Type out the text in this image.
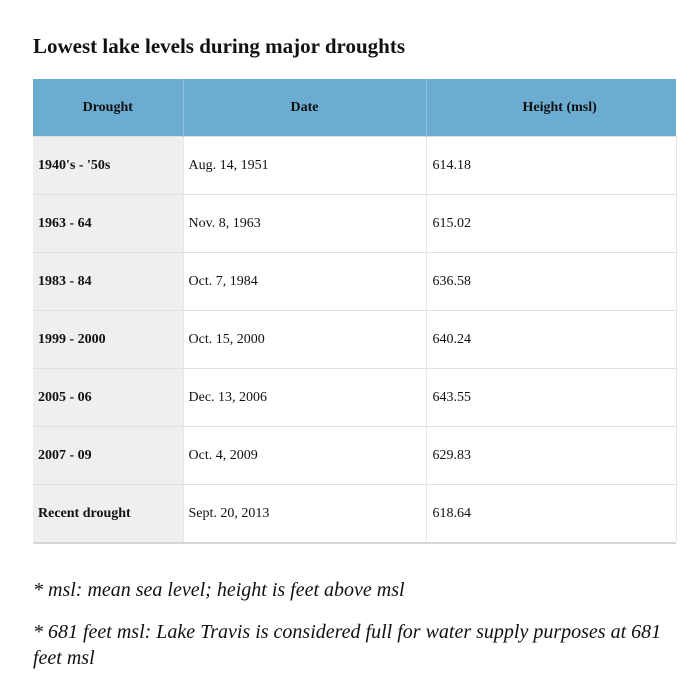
Lowest lake levels during major droughts
Drought	Date	Height (msl)
1940's - '50s	Aug. 14, 1951	614.18
1963 - 64	Nov. 8, 1963	615.02
1983 - 84	Oct. 7, 1984	636.58
1999 - 2000	Oct. 15, 2000	640.24
2005 - 06	Dec. 13, 2006	643.55
2007 - 09	Oct. 4, 2009	629.83
Recent drought	Sept. 20, 2013	618.64

* msl: mean sea level; height is feet above msl

* 681 feet msl: Lake Travis is considered full for water supply purposes at 681 feet msl
